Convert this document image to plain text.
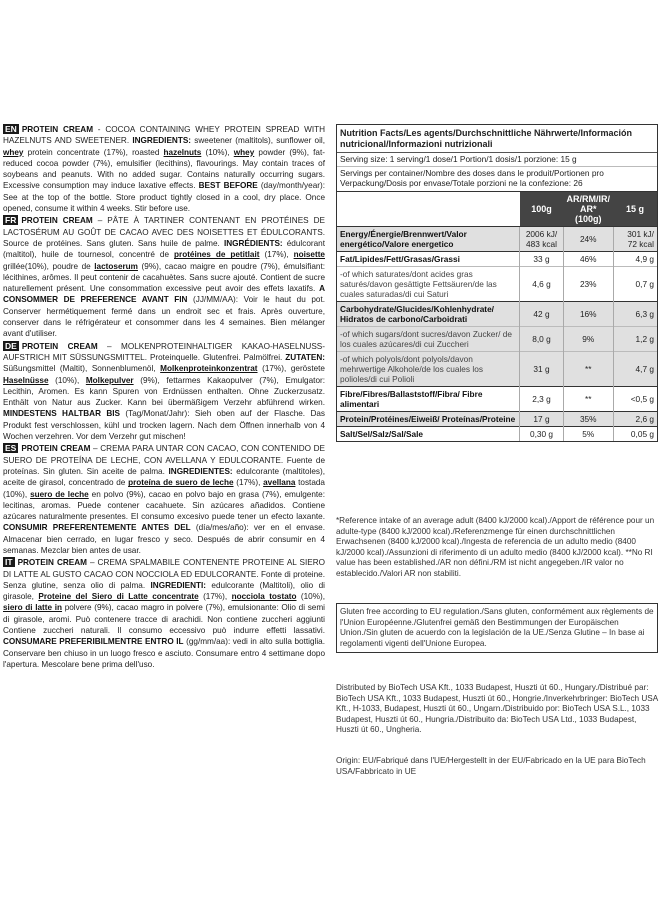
EN PROTEIN CREAM - COCOA CONTAINING WHEY PROTEIN SPREAD WITH HAZELNUTS AND SWEETENER. INGREDIENTS: sweetener (maltitols), sunflower oil, whey protein concentrate (17%), roasted hazelnuts (10%), whey powder (9%), fat-reduced cocoa powder (7%), emulsifier (lecithins), flavourings. May contain traces of soybeans and peanuts. With no added sugar. Contains naturally occurring sugars. Excessive consumption may induce laxative effects. BEST BEFORE (day/month/year): See at the top of the bottle. Store product tightly closed in a cool, dry place. Once opened, consume it within 4 weeks. Stir before use.

FR PROTEIN CREAM – PÂTE À TARTINER CONTENANT EN PROTÉINES DE LACTOSÉRUM AU GOÛT DE CACAO AVEC DES NOISETTES ET ÉDULCORANTS. Source de protéines. Sans gluten. Sans huile de palme. INGRÉDIENTS: édulcorant (maltitol), huile de tournesol, concentré de protéines de petitlait (17%), noisette grillée(10%), poudre de lactoserum (9%), cacao maigre en poudre (7%), émulsifiant: lécithines, arômes. Il peut contenir de cacahuètes. Sans sucre ajouté. Contient de sucre naturellement présent. Une consommation excessive peut avoir des effets laxatifs. A CONSOMMER DE PREFERENCE AVANT FIN (JJ/MM/AA): Voir le haut du pot. Conserver hermétiquement fermé dans un endroit sec et frais. Après ouverture, conserver dans le réfrigérateur et consommer dans les 4 semaines. Bien mélanger avant d'utiliser.

DE PROTEIN CREAM – MOLKENPROTEINHALTIGER KAKAO-HASELNUSS-AUFSTRICH MIT SÜSSUNGSMITTEL. Proteinquelle. Glutenfrei. Palmölfrei. ZUTATEN: Süßungsmittel (Maltit), Sonnenblumenöl, Molkenproteinkonzentrat (17%), geröstete Haselnüsse (10%), Molkepulver (9%), fettarmes Kakaopulver (7%), Emulgator: Lecithin, Aromen. Es kann Spuren von Erdnüssen enthalten. Ohne Zuckerzusatz. Enthält von Natur aus Zucker. Kann bei übermäßigem Verzehr abführend wirken. MINDESTENS HALTBAR BIS (Tag/Monat/Jahr): Sieh oben auf der Flasche. Das Produkt fest verschlossen, kühl und trocken lagern. Nach dem Öffnen innerhalb von 4 Wochen verzehren. Vor dem Verzehr gut mischen!

ES PROTEIN CREAM – CREMA PARA UNTAR CON CACAO, CON CONTENIDO DE SUERO DE PROTEÍNA DE LECHE, CON AVELLANA Y EDULCORANTE. Fuente de proteínas. Sin gluten. Sin aceite de palma. INGREDIENTES: edulcorante (maltitoles), aceite de girasol, concentrado de proteína de suero de leche (17%), avellana tostada (10%), suero de leche en polvo (9%), cacao en polvo bajo en grasa (7%), emulgente: lecitinas, aromas. Puede contener cacahuete. Sin azúcares añadidos. Contiene azúcares naturalmente presentes. El consumo excesivo puede tener un efecto laxante. CONSUMIR PREFERENTEMENTE ANTES DEL (día/mes/año): ver en el envase. Almacenar bien cerrado, en lugar fresco y seco. Después de abrir consumir en 4 semanas. Mezclar bien antes de usar.

IT PROTEIN CREAM – CREMA SPALMABILE CONTENENTE PROTEINE AL SIERO DI LATTE AL GUSTO CACAO CON NOCCIOLA ED EDULCORANTE. Fonte di proteine. Senza glutine, senza olio di palma. INGREDIENTI: edulcorante (Maltitoli), olio di girasole, Proteine del Siero di Latte concentrate (17%), nocciola tostato (10%), siero di latte in polvere (9%), cacao magro in polvere (7%), emulsionante: Olio di semi di girasole, aromi. Può contenere tracce di arachidi. Non contiene zuccheri aggiunti Contiene zuccheri naturali. Il consumo eccessivo può indurre effetti lassativi. CONSUMARE PREFERIBILMENTRE ENTRO IL (gg/mm/aa): vedi in alto sulla bottiglia. Conservare ben chiuso in un luogo fresco e asciuto. Consumare entro 4 settimane dopo l'apertura. Mescolare bene prima dell'uso.

Nutrition Facts/Les agents/Durchschnittliche Nährwerte/Información nutricional/Informazioni nutrizionali
Serving size: 1 serving/1 dose/1 Portion/1 dosis/1 porzione: 15 g
Servings per container/Nombre des doses dans le produit/Portionen pro Verpackung/Dosis por envase/Totale porzioni ne la confezione: 26
	100g	AR/RM/IR/ AR* (100g)	15 g
Energy/Énergie/Brennwert/Valor energético/Valore energetico	2006 kJ/ 483 kcal	24%	301 kJ/ 72 kcal
Fat/Lipides/Fett/Grasas/Grassi	33 g	46%	4,9 g
-of which saturates/dont acides gras saturés/davon gesättigte Fettsäuren/de las cuales saturadas/di cui Saturi	4,6 g	23%	0,7 g
Carbohydrate/Glucides/Kohlenhydrate/ Hidratos de carbono/Carboidrati	42 g	16%	6,3 g
-of which sugars/dont sucres/davon Zucker/ de los cuales azúcares/di cui Zuccheri	8,0 g	9%	1,2 g
-of which polyols/dont polyols/davon mehrwertige Alkohole/de los cuales los polioles/di cui Polioli	31 g	**	4,7 g
Fibre/Fibres/Ballaststoff/Fibra/ Fibre alimentari	2,3 g	**	<0,5 g
Protein/Protéines/Eiweiß/ Proteínas/Proteine	17 g	35%	2,6 g
Salt/Sel/Salz/Sal/Sale	0,30 g	5%	0,05 g
*Reference intake of an average adult (8400 kJ/2000 kcal)./Apport de référence pour un adulte-type (8400 kJ/2000 kcal)./Referenzmenge für einen durchschnittlichen Erwachsenen (8400 kJ/2000 kcal)./Ingesta de referencia de un adulto medio (8400 kJ/2000 kcal)./Assunzioni di riferimento di un adulto medio (8400 kJ/2000 kcal). **No RI value has been established./AR non défini./RM ist nicht angegeben./IR valor no establecido./Valori AR non stabiliti.
Gluten free according to EU regulation./Sans gluten, conformément aux règlements de l'Union Européenne./Glutenfrei gemäß den Bestimmungen der Europäischen Union./Sin gluten de acuerdo con la legislación de la UE./Senza Glutine – In base ai regolamenti vigenti dell'Unione Europea.
Distributed by BioTech USA Kft., 1033 Budapest, Huszti út 60., Hungary./Distribué par: BioTech USA Kft., 1033 Budapest, Huszti út 60., Hongrie./Inverkehrbringer: BioTech USA Kft., H-1033, Budapest, Huszti út 60., Ungarn./Distribuido por: BioTech USA S.L., 1033 Budapest, Huszti út 60., Hungria./Distribuito da: BioTech USA Ltd., 1033 Budapest, Huszti út 60., Ungheria.
Origin: EU/Fabriqué dans l'UE/Hergestellt in der EU/Fabricado en la UE para BioTech USA/Fabbricato in UE
